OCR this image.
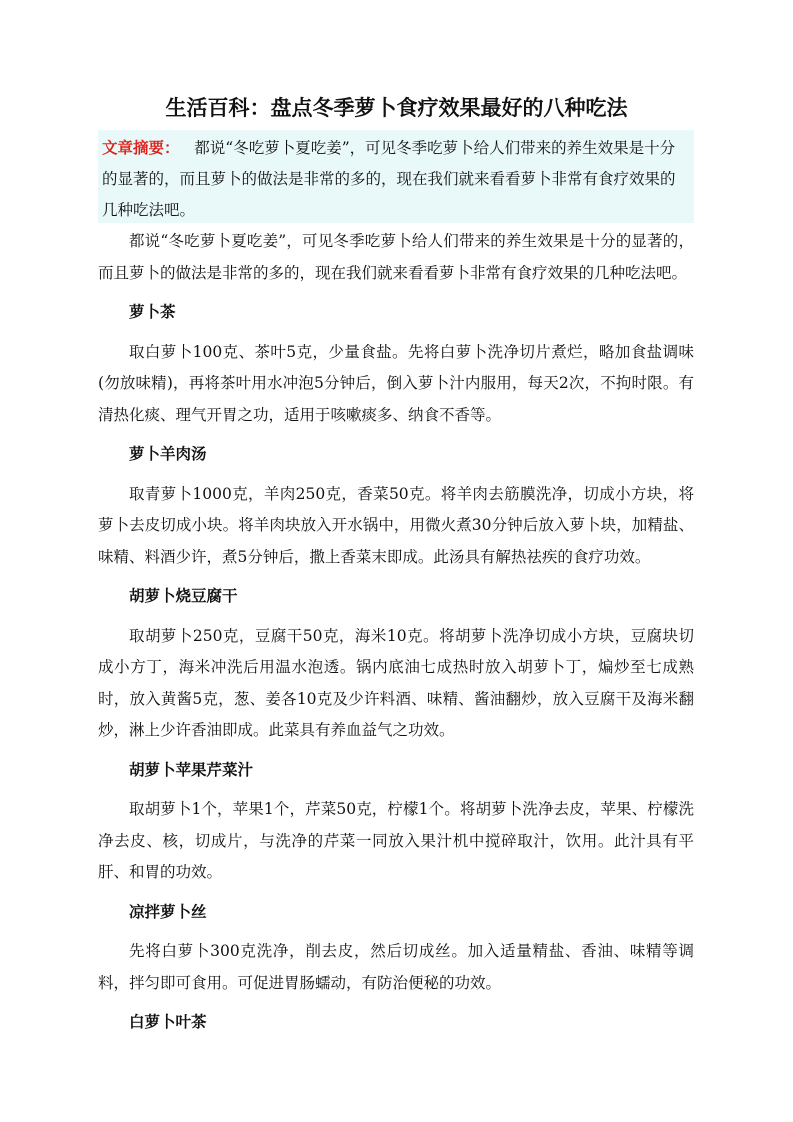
生活百科：盘点冬季萝卜食疗效果最好的八种吃法
文章摘要： 都说“冬吃萝卜夏吃姜”，可见冬季吃萝卜给人们带来的养生效果是十分的显著的，而且萝卜的做法是非常的多的，现在我们就来看看萝卜非常有食疗效果的几种吃法吧。

都说“冬吃萝卜夏吃姜”，可见冬季吃萝卜给人们带来的养生效果是十分的显著的，而且萝卜的做法是非常的多的，现在我们就来看看萝卜非常有食疗效果的几种吃法吧。

萝卜茶

取白萝卜100克、茶叶5克，少量食盐。先将白萝卜洗净切片煮烂，略加食盐调味(勿放味精)，再将茶叶用水冲泡5分钟后，倒入萝卜汁内服用，每天2次，不拘时限。有清热化痰、理气开胃之功，适用于咳嗽痰多、纳食不香等。

萝卜羊肉汤

取青萝卜1000克，羊肉250克，香菜50克。将羊肉去筋膜洗净，切成小方块，将萝卜去皮切成小块。将羊肉块放入开水锅中，用微火煮30分钟后放入萝卜块，加精盐、味精、料酒少许，煮5分钟后，撒上香菜末即成。此汤具有解热祛疾的食疗功效。

胡萝卜烧豆腐干

取胡萝卜250克，豆腐干50克，海米10克。将胡萝卜洗净切成小方块，豆腐块切成小方丁，海米冲洗后用温水泡透。锅内底油七成热时放入胡萝卜丁，煸炒至七成熟时，放入黄酱5克，葱、姜各10克及少许料酒、味精、酱油翻炒，放入豆腐干及海米翻炒，淋上少许香油即成。此菜具有养血益气之功效。

胡萝卜苹果芹菜汁

取胡萝卜1个，苹果1个，芹菜50克，柠檬1个。将胡萝卜洗净去皮，苹果、柠檬洗净去皮、核，切成片，与洗净的芹菜一同放入果汁机中搅碎取汁，饮用。此汁具有平肝、和胃的功效。

凉拌萝卜丝

先将白萝卜300克洗净，削去皮，然后切成丝。加入适量精盐、香油、味精等调料，拌匀即可食用。可促进胃肠蠕动，有防治便秘的功效。

白萝卜叶茶
